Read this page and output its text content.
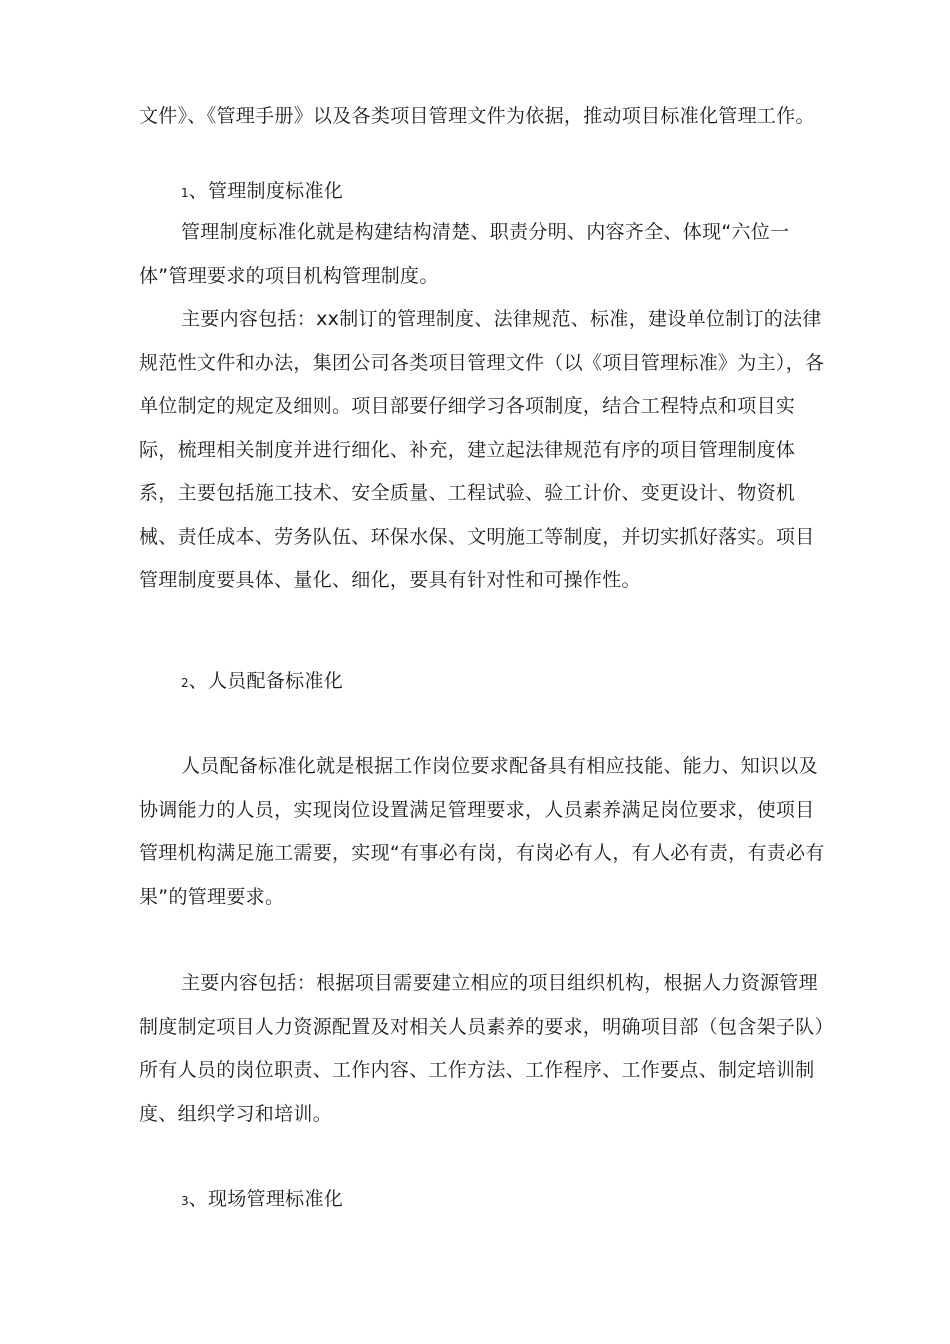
文件》、《管理手册》以及各类项目管理文件为依据，推动项目标准化管理工作。

1、管理制度标准化

管理制度标准化就是构建结构清楚、职责分明、内容齐全、体现“六位一体”管理要求的项目机构管理制度。

主要内容包括：xx制订的管理制度、法律规范、标准，建设单位制订的法律规范性文件和办法，集团公司各类项目管理文件（以《项目管理标准》为主），各单位制定的规定及细则。项目部要仔细学习各项制度，结合工程特点和项目实际，梳理相关制度并进行细化、补充，建立起法律规范有序的项目管理制度体系，主要包括施工技术、安全质量、工程试验、验工计价、变更设计、物资机械、责任成本、劳务队伍、环保水保、文明施工等制度，并切实抓好落实。项目管理制度要具体、量化、细化，要具有针对性和可操作性。

2、人员配备标准化

人员配备标准化就是根据工作岗位要求配备具有相应技能、能力、知识以及协调能力的人员，实现岗位设置满足管理要求，人员素养满足岗位要求，使项目管理机构满足施工需要，实现“有事必有岗，有岗必有人，有人必有责，有责必有果”的管理要求。

主要内容包括：根据项目需要建立相应的项目组织机构，根据人力资源管理制度制定项目人力资源配置及对相关人员素养的要求，明确项目部（包含架子队）所有人员的岗位职责、工作内容、工作方法、工作程序、工作要点、制定培训制度、组织学习和培训。

3、现场管理标准化
